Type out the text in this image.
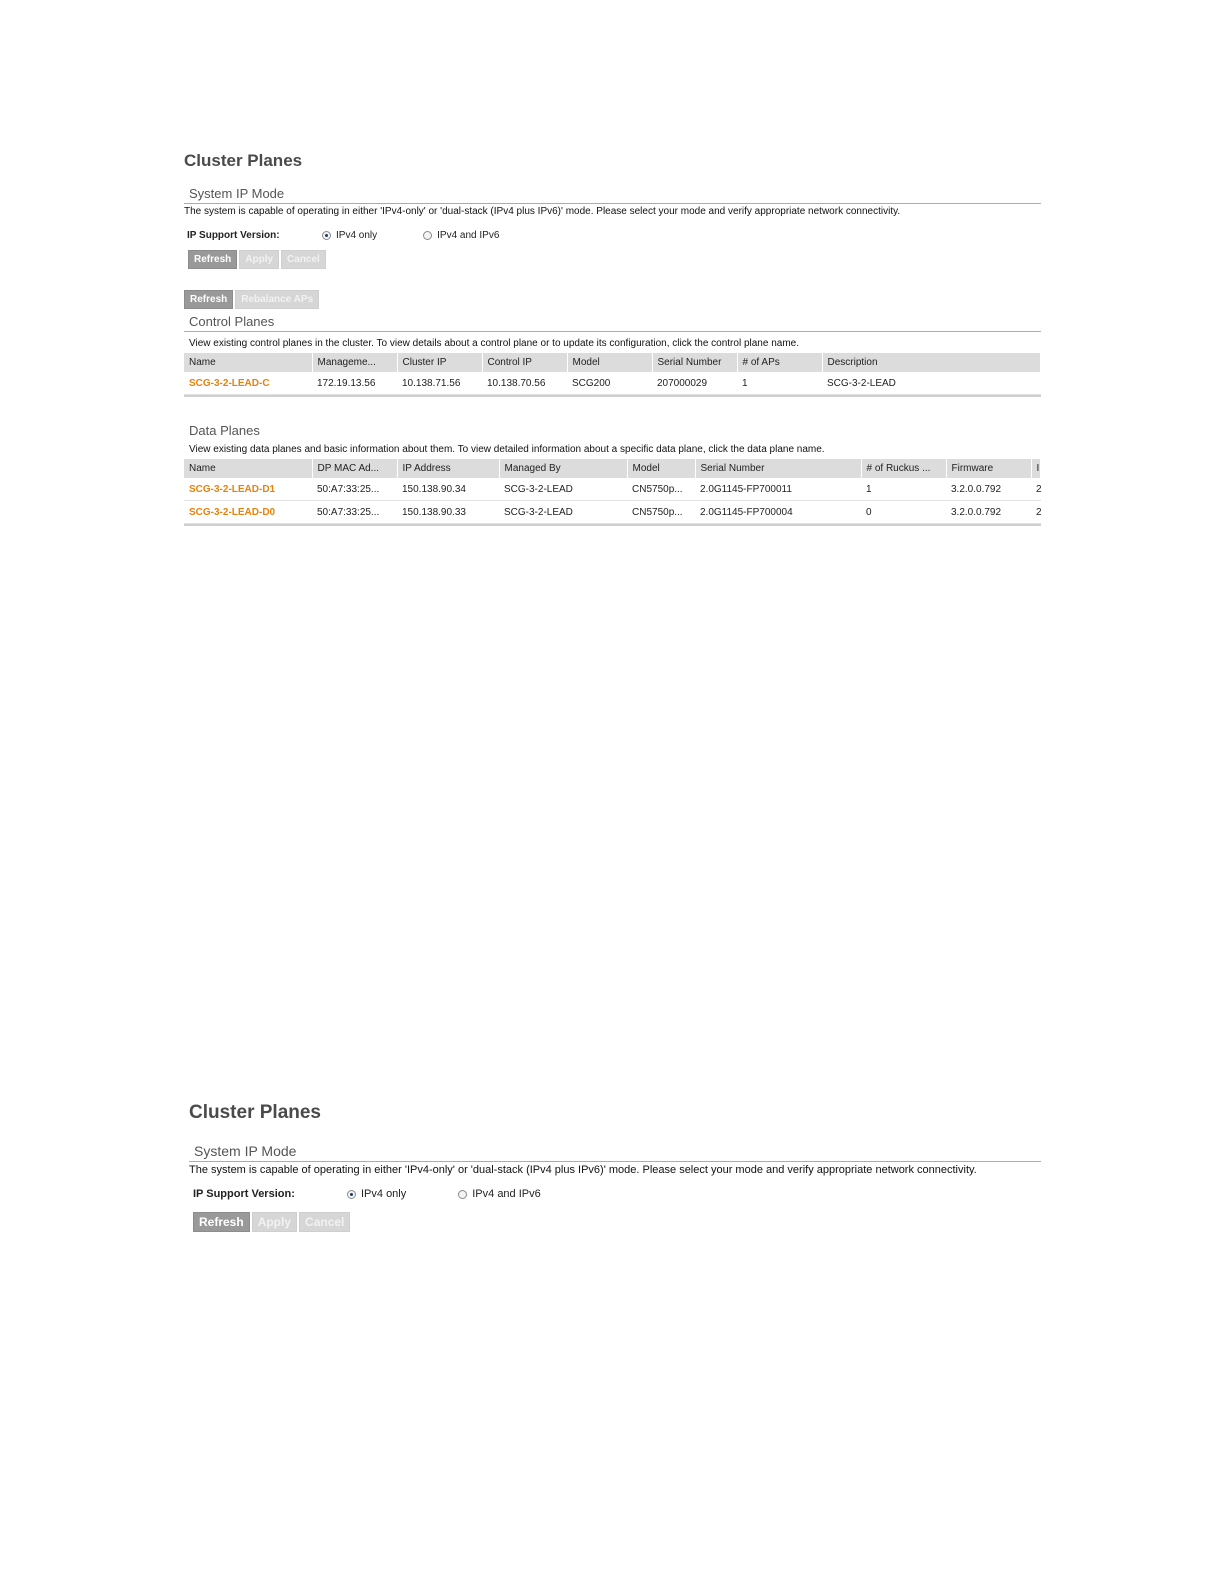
Cluster Planes
System IP Mode
The system is capable of operating in either 'IPv4-only' or 'dual-stack (IPv4 plus IPv6)' mode. Please select your mode and verify appropriate network connectivity.
IP Support Version:	IPv4 only	IPv4 and IPv6
Refresh	Apply	Cancel
Refresh	Rebalance APs
Control Planes
View existing control planes in the cluster. To view details about a control plane or to update its configuration, click the control plane name.
Name	Manageme...	Cluster IP	Control IP	Model	Serial Number	# of APs	Description
SCG-3-2-LEAD-C	172.19.13.56	10.138.71.56	10.138.70.56	SCG200	207000029	1	SCG-3-2-LEAD
Data Planes
View existing data planes and basic information about them. To view detailed information about a specific data plane, click the data plane name.
Name	DP MAC Ad...	IP Address	Managed By	Model	Serial Number	# of Ruckus ...	Firmware	I
SCG-3-2-LEAD-D1	50:A7:33:25...	150.138.90.34	SCG-3-2-LEAD	CN5750p...	2.0G1145-FP700011	1	3.2.0.0.792	2
SCG-3-2-LEAD-D0	50:A7:33:25...	150.138.90.33	SCG-3-2-LEAD	CN5750p...	2.0G1145-FP700004	0	3.2.0.0.792	2
Cluster Planes
System IP Mode
The system is capable of operating in either 'IPv4-only' or 'dual-stack (IPv4 plus IPv6)' mode. Please select your mode and verify appropriate network connectivity.
IP Support Version:	IPv4 only	IPv4 and IPv6
Refresh	Apply	Cancel
